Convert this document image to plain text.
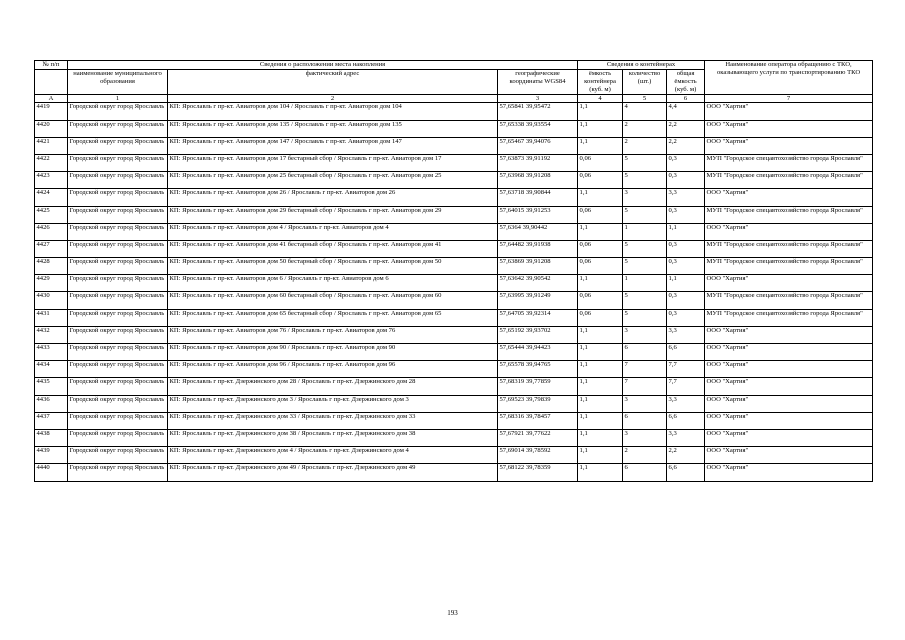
№ п/п	Сведения о расположении места накопления			Сведения о контейнерах			Наименование оператора обращению с ТКО, оказывающего услуги по транспортированию ТКО
	наименование муниципального образования	фактический адрес	географические координаты WGS84	ёмкость контейнера (куб. м)	количество (шт.)	общая ёмкость (куб. м)	
А	1	2	3	4	5	6	7
4419	Городской округ город Ярославль	КП: Ярославль г пр-кт. Авиаторов дом 104 / Ярославль г пр-кт. Авиаторов дом 104	57,65841 39,95472	1,1	4	4,4	ООО "Хартия"
4420	Городской округ город Ярославль	КП: Ярославль г пр-кт. Авиаторов дом 135 / Ярославль г пр-кт. Авиаторов дом 135	57,65338 39,93554	1,1	2	2,2	ООО "Хартия"
4421	Городской округ город Ярославль	КП: Ярославль г пр-кт. Авиаторов дом 147 / Ярославль г пр-кт. Авиаторов дом 147	57,65467 39,94076	1,1	2	2,2	ООО "Хартия"
4422	Городской округ город Ярославль	КП: Ярославль г пр-кт. Авиаторов дом 17 бестарный сбор / Ярославль г пр-кт. Авиаторов дом 17	57,63873 39,91192	0,06	5	0,3	МУП "Городское спецавтохозяйство города Ярославля"
4423	Городской округ город Ярославль	КП: Ярославль г пр-кт. Авиаторов дом 25 бестарный сбор / Ярославль г пр-кт. Авиаторов дом 25	57,63968 39,91208	0,06	5	0,3	МУП "Городское спецавтохозяйство города Ярославля"
4424	Городской округ город Ярославль	КП: Ярославль г пр-кт. Авиаторов дом 26 / Ярославль г пр-кт. Авиаторов дом 26	57,63718 39,90844	1,1	3	3,3	ООО "Хартия"
4425	Городской округ город Ярославль	КП: Ярославль г пр-кт. Авиаторов дом 29 бестарный сбор / Ярославль г пр-кт. Авиаторов дом 29	57,64015 39,91253	0,06	5	0,3	МУП "Городское спецавтохозяйство города Ярославля"
4426	Городской округ город Ярославль	КП: Ярославль г пр-кт. Авиаторов дом 4 / Ярославль г пр-кт. Авиаторов дом 4	57,6364 39,90442	1,1	1	1,1	ООО "Хартия"
4427	Городской округ город Ярославль	КП: Ярославль г пр-кт. Авиаторов дом 41 бестарный сбор / Ярославль г пр-кт. Авиаторов дом 41	57,64482 39,91938	0,06	5	0,3	МУП "Городское спецавтохозяйство города Ярославля"
4428	Городской округ город Ярославль	КП: Ярославль г пр-кт. Авиаторов дом 50 бестарный сбор / Ярославль г пр-кт. Авиаторов дом 50	57,63869 39,91208	0,06	5	0,3	МУП "Городское спецавтохозяйство города Ярославля"
4429	Городской округ город Ярославль	КП: Ярославль г пр-кт. Авиаторов дом 6 / Ярославль г пр-кт. Авиаторов дом 6	57,63642 39,90542	1,1	1	1,1	ООО "Хартия"
4430	Городской округ город Ярославль	КП: Ярославль г пр-кт. Авиаторов дом 60 бестарный сбор / Ярославль г пр-кт. Авиаторов дом 60	57,63995 39,91249	0,06	5	0,3	МУП "Городское спецавтохозяйство города Ярославля"
4431	Городской округ город Ярославль	КП: Ярославль г пр-кт. Авиаторов дом 65 бестарный сбор / Ярославль г пр-кт. Авиаторов дом 65	57,64705 39,92314	0,06	5	0,3	МУП "Городское спецавтохозяйство города Ярославля"
4432	Городской округ город Ярославль	КП: Ярославль г пр-кт. Авиаторов дом 76 / Ярославль г пр-кт. Авиаторов дом 76	57,65192 39,93702	1,1	3	3,3	ООО "Хартия"
4433	Городской округ город Ярославль	КП: Ярославль г пр-кт. Авиаторов дом 90 / Ярославль г пр-кт. Авиаторов дом 90	57,65444 39,94423	1,1	6	6,6	ООО "Хартия"
4434	Городской округ город Ярославль	КП: Ярославль г пр-кт. Авиаторов дом 96 / Ярославль г пр-кт. Авиаторов дом 96	57,65578 39,94765	1,1	7	7,7	ООО "Хартия"
4435	Городской округ город Ярославль	КП: Ярославль г пр-кт. Дзержинского дом 28 / Ярославль г пр-кт. Дзержинского дом 28	57,68319 39,77859	1,1	7	7,7	ООО "Хартия"
4436	Городской округ город Ярославль	КП: Ярославль г пр-кт. Дзержинского дом 3 / Ярославль г пр-кт. Дзержинского дом 3	57,69523 39,79839	1,1	3	3,3	ООО "Хартия"
4437	Городской округ город Ярославль	КП: Ярославль г пр-кт. Дзержинского дом 33 / Ярославль г пр-кт. Дзержинского дом 33	57,68316 39,78457	1,1	6	6,6	ООО "Хартия"
4438	Городской округ город Ярославль	КП: Ярославль г пр-кт. Дзержинского дом 38 / Ярославль г пр-кт. Дзержинского дом 38	57,67921 39,77622	1,1	3	3,3	ООО "Хартия"
4439	Городской округ город Ярославль	КП: Ярославль г пр-кт. Дзержинского дом 4 / Ярославль г пр-кт. Дзержинского дом 4	57,69014 39,78592	1,1	2	2,2	ООО "Хартия"
4440	Городской округ город Ярославль	КП: Ярославль г пр-кт. Дзержинского дом 49 / Ярославль г пр-кт. Дзержинского дом 49	57,68122 39,78359	1,1	6	6,6	ООО "Хартия"
193
